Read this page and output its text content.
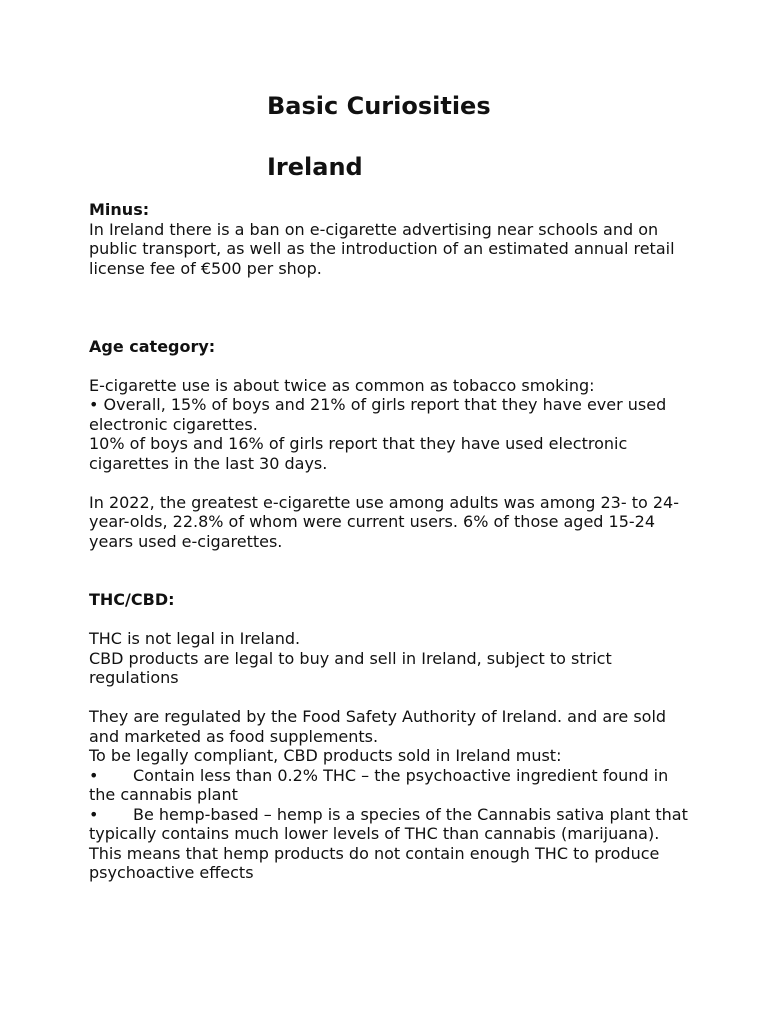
Basic Curiosities
Ireland

Minus:

In Ireland there is a ban on e-cigarette advertising near schools and on public transport, as well as the introduction of an estimated annual retail license fee of €500 per shop.

Age category:

E-cigarette use is about twice as common as tobacco smoking:

• Overall, 15% of boys and 21% of girls report that they have ever used electronic cigarettes.

10% of boys and 16% of girls report that they have used electronic cigarettes in the last 30 days.

In 2022, the greatest e-cigarette use among adults was among 23- to 24-year-olds, 22.8% of whom were current users. 6% of those aged 15-24 years used e-cigarettes.

THC/CBD:

THC is not legal in Ireland.

CBD products are legal to buy and sell in Ireland, subject to strict regulations

They are regulated by the Food Safety Authority of Ireland. and are sold and marketed as food supplements.

To be legally compliant, CBD products sold in Ireland must:

• Contain less than 0.2% THC – the psychoactive ingredient found in the cannabis plant

• Be hemp-based – hemp is a species of the Cannabis sativa plant that typically contains much lower levels of THC than cannabis (marijuana). This means that hemp products do not contain enough THC to produce psychoactive effects
